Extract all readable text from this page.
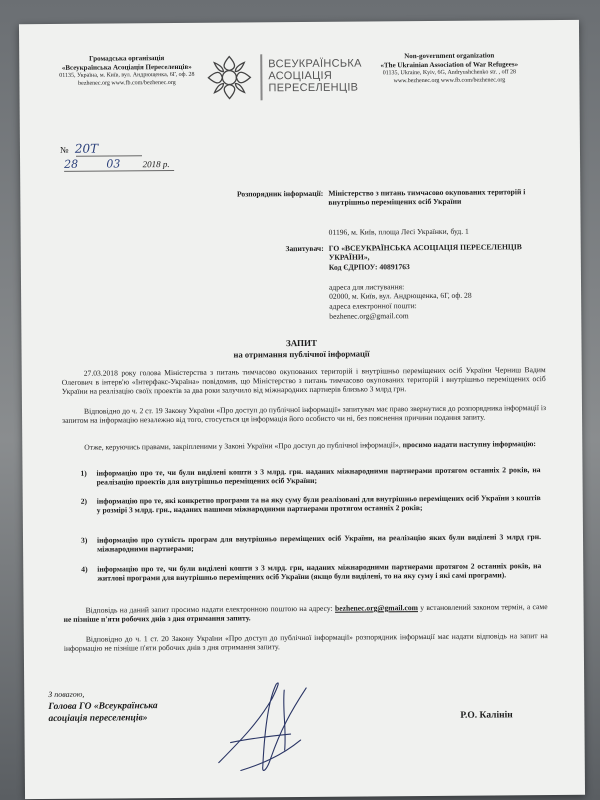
Громадська організація
«Всеукраїнська Асоціація Переселенців»
01135, Україна, м. Київ, вул. Андрющенка, 6Г, оф. 28
bezhenec.org www.fb.com/bezhenec.org
ВСЕУКРАЇНСЬКА
АСОЦІАЦІЯ
ПЕРЕСЕЛЕНЦІВ
Non-government organization
«The Ukrainian Association of War Refugees»
01135, Ukraine, Kyiv, 6G, Andryushchenko str. , off 28
www.bezhenec.org www.fb.com/bezhenec.org
№ 20Т
28	03 2018 р.
Розпорядник інформації: Міністерство з питань тимчасово окупованих територій і внутрішньо переміщених осіб України
01196, м. Київ, площа Лесі Українки, буд. 1
Запитувач: ГО «ВСЕУКРАЇНСЬКА АСОЦІАЦІЯ ПЕРЕСЕЛЕНЦІВ УКРАЇНИ»,
Код ЄДРПОУ: 40891763
адреса для листування:
02000, м. Київ, вул. Андрющенка, 6Г, оф. 28
адреса електронної пошти:
bezhenec.org@gmail.com
ЗАПИТ
на отримання публічної інформації
27.03.2018 року голова Міністерства з питань тимчасово окупованих територій і внутрішньо переміщених осіб України Черниш Вадим Олегович в інтерв'ю «Інтерфакс-Україна» повідомив, що Міністерство з питань тимчасово окупованих територій і внутрішньо переміщених осіб України на реалізацію своїх проектів за два роки залучило від міжнародних партнерів близько 3 млрд грн.
Відповідно до ч. 2 ст. 19 Закону України «Про доступ до публічної інформації» запитувач має право звернутися до розпорядника інформації із запитом на інформацію незалежно від того, стосується ця інформація його особисто чи ні, без пояснення причини подання запиту.
Отже, керуючись правами, закріпленими у Законі України «Про доступ до публічної інформації», просимо надати наступну інформацію:
1)	інформацію про те, чи були виділені кошти з 3 млрд. грн. наданих міжнародними партнерами протягом останніх 2 років, на реалізацію проектів для внутрішньо переміщених осіб України;
2)	інформацію про те, які конкретно програми та на яку суму були реалізовані для внутрішньо переміщених осіб України з коштів у розмірі 3 млрд. грн., наданих нашими міжнародними партнерами протягом останніх 2 років;
3)	інформацію про сутність програм для внутрішньо переміщених осіб України, на реалізацію яких були виділені 3 млрд грн. міжнародними партнерами;
4)	інформацію про те, чи були виділені кошти з 3 млрд. грн, наданих міжнародними партнерами протягом 2 останніх років, на житлові програми для внутрішньо переміщених осіб України (якщо були виділені, то на яку суму і які самі програми).
Відповідь на даний запит просимо надати електронною поштою на адресу: bezhenec.org@gmail.com у встановлений законом термін, а саме не пізніше п'яти робочих днів з дня отримання запиту.
Відповідно до ч. 1 ст. 20 Закону України «Про доступ до публічної інформації» розпорядник інформації має надати відповідь на запит на інформацію не пізніше п'яти робочих днів з дня отримання запиту.
З повагою,
Голова ГО «Всеукраїнська
асоціація переселенців»	Р.О. Калінін
